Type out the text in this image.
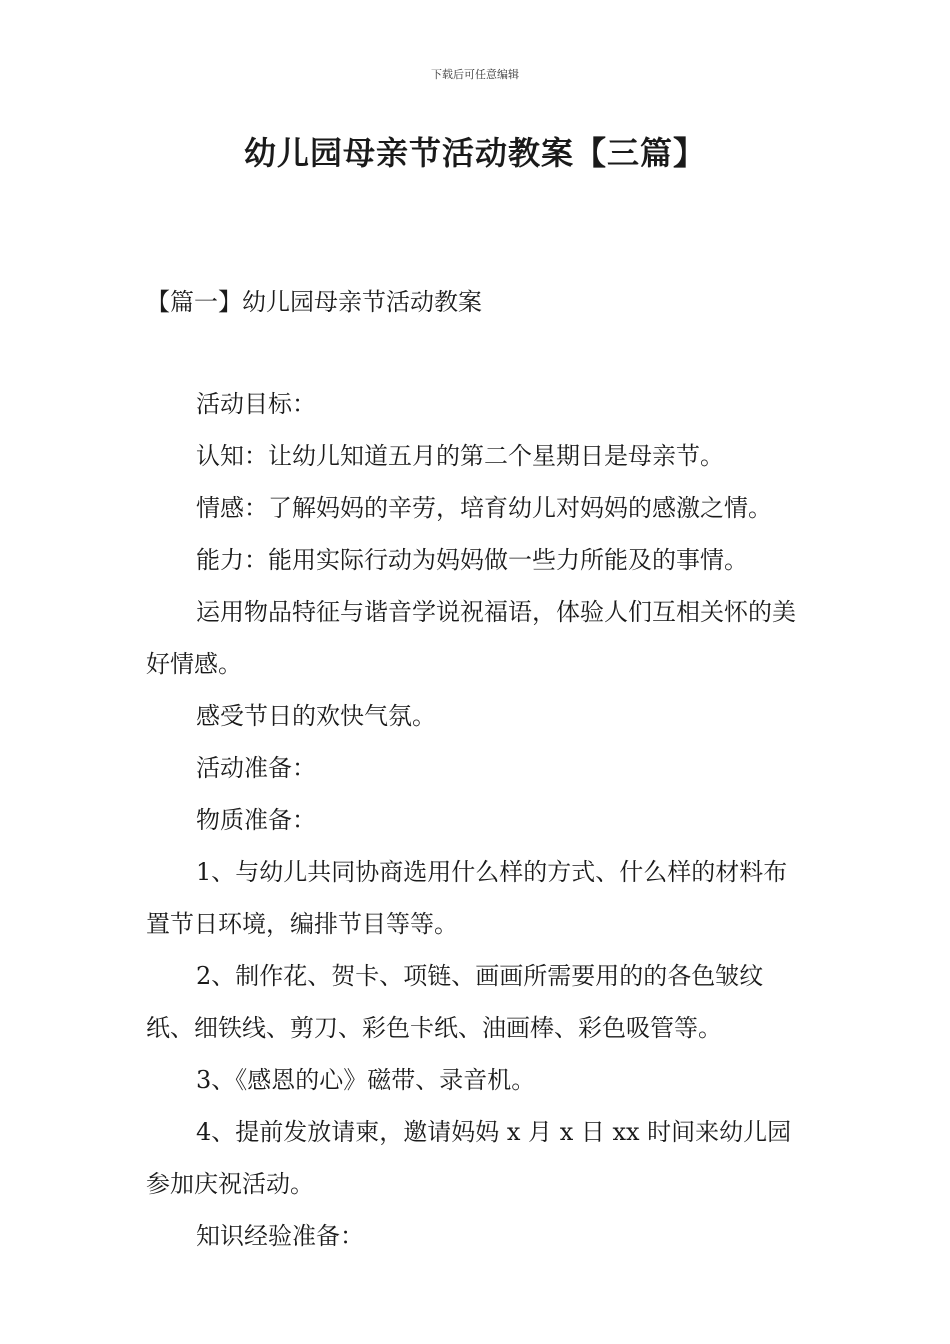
下载后可任意编辑
幼儿园母亲节活动教案【三篇】
【篇一】幼儿园母亲节活动教案

活动目标：

认知：让幼儿知道五月的第二个星期日是母亲节。

情感：了解妈妈的辛劳，培育幼儿对妈妈的感激之情。

能力：能用实际行动为妈妈做一些力所能及的事情。

运用物品特征与谐音学说祝福语，体验人们互相关怀的美好情感。

感受节日的欢快气氛。

活动准备：

物质准备：

1、与幼儿共同协商选用什么样的方式、什么样的材料布置节日环境，编排节目等等。

2、制作花、贺卡、项链、画画所需要用的的各色皱纹纸、细铁线、剪刀、彩色卡纸、油画棒、彩色吸管等。

3、《感恩的心》磁带、录音机。

4、提前发放请柬，邀请妈妈 x 月 x 日 xx 时间来幼儿园参加庆祝活动。

知识经验准备：
